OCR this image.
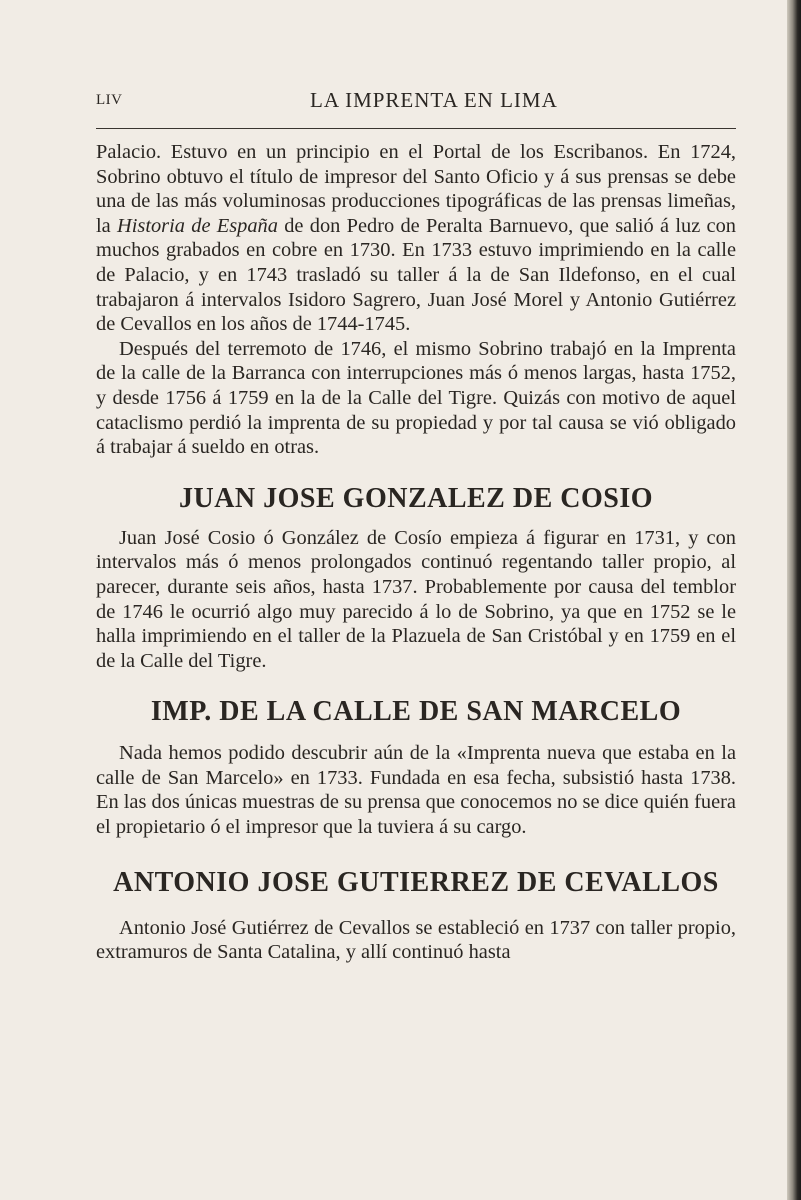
LIV	LA IMPRENTA EN LIMA

Palacio. Estuvo en un principio en el Portal de los Escribanos. En 1724, Sobrino obtuvo el título de impresor del Santo Oficio y á sus prensas se debe una de las más voluminosas producciones tipográficas de las prensas limeñas, la Historia de España de don Pedro de Peralta Barnuevo, que salió á luz con muchos grabados en cobre en 1730. En 1733 estuvo imprimiendo en la calle de Palacio, y en 1743 trasladó su taller á la de San Ildefonso, en el cual trabajaron á intervalos Isidoro Sagrero, Juan José Morel y Antonio Gutiérrez de Cevallos en los años de 1744-1745.

Después del terremoto de 1746, el mismo Sobrino trabajó en la Imprenta de la calle de la Barranca con interrupciones más ó menos largas, hasta 1752, y desde 1756 á 1759 en la de la Calle del Tigre. Quizás con motivo de aquel cataclismo perdió la imprenta de su propiedad y por tal causa se vió obligado á trabajar á sueldo en otras.

JUAN JOSE GONZALEZ DE COSIO

Juan José Cosio ó González de Cosío empieza á figurar en 1731, y con intervalos más ó menos prolongados continuó regentando taller propio, al parecer, durante seis años, hasta 1737. Probablemente por causa del temblor de 1746 le ocurrió algo muy parecido á lo de Sobrino, ya que en 1752 se le halla imprimiendo en el taller de la Plazuela de San Cristóbal y en 1759 en el de la Calle del Tigre.

IMP. DE LA CALLE DE SAN MARCELO

Nada hemos podido descubrir aún de la «Imprenta nueva que estaba en la calle de San Marcelo» en 1733. Fundada en esa fecha, subsistió hasta 1738. En las dos únicas muestras de su prensa que conocemos no se dice quién fuera el propietario ó el impresor que la tuviera á su cargo.

ANTONIO JOSE GUTIERREZ DE CEVALLOS

Antonio José Gutiérrez de Cevallos se estableció en 1737 con taller propio, extramuros de Santa Catalina, y allí continuó hasta
